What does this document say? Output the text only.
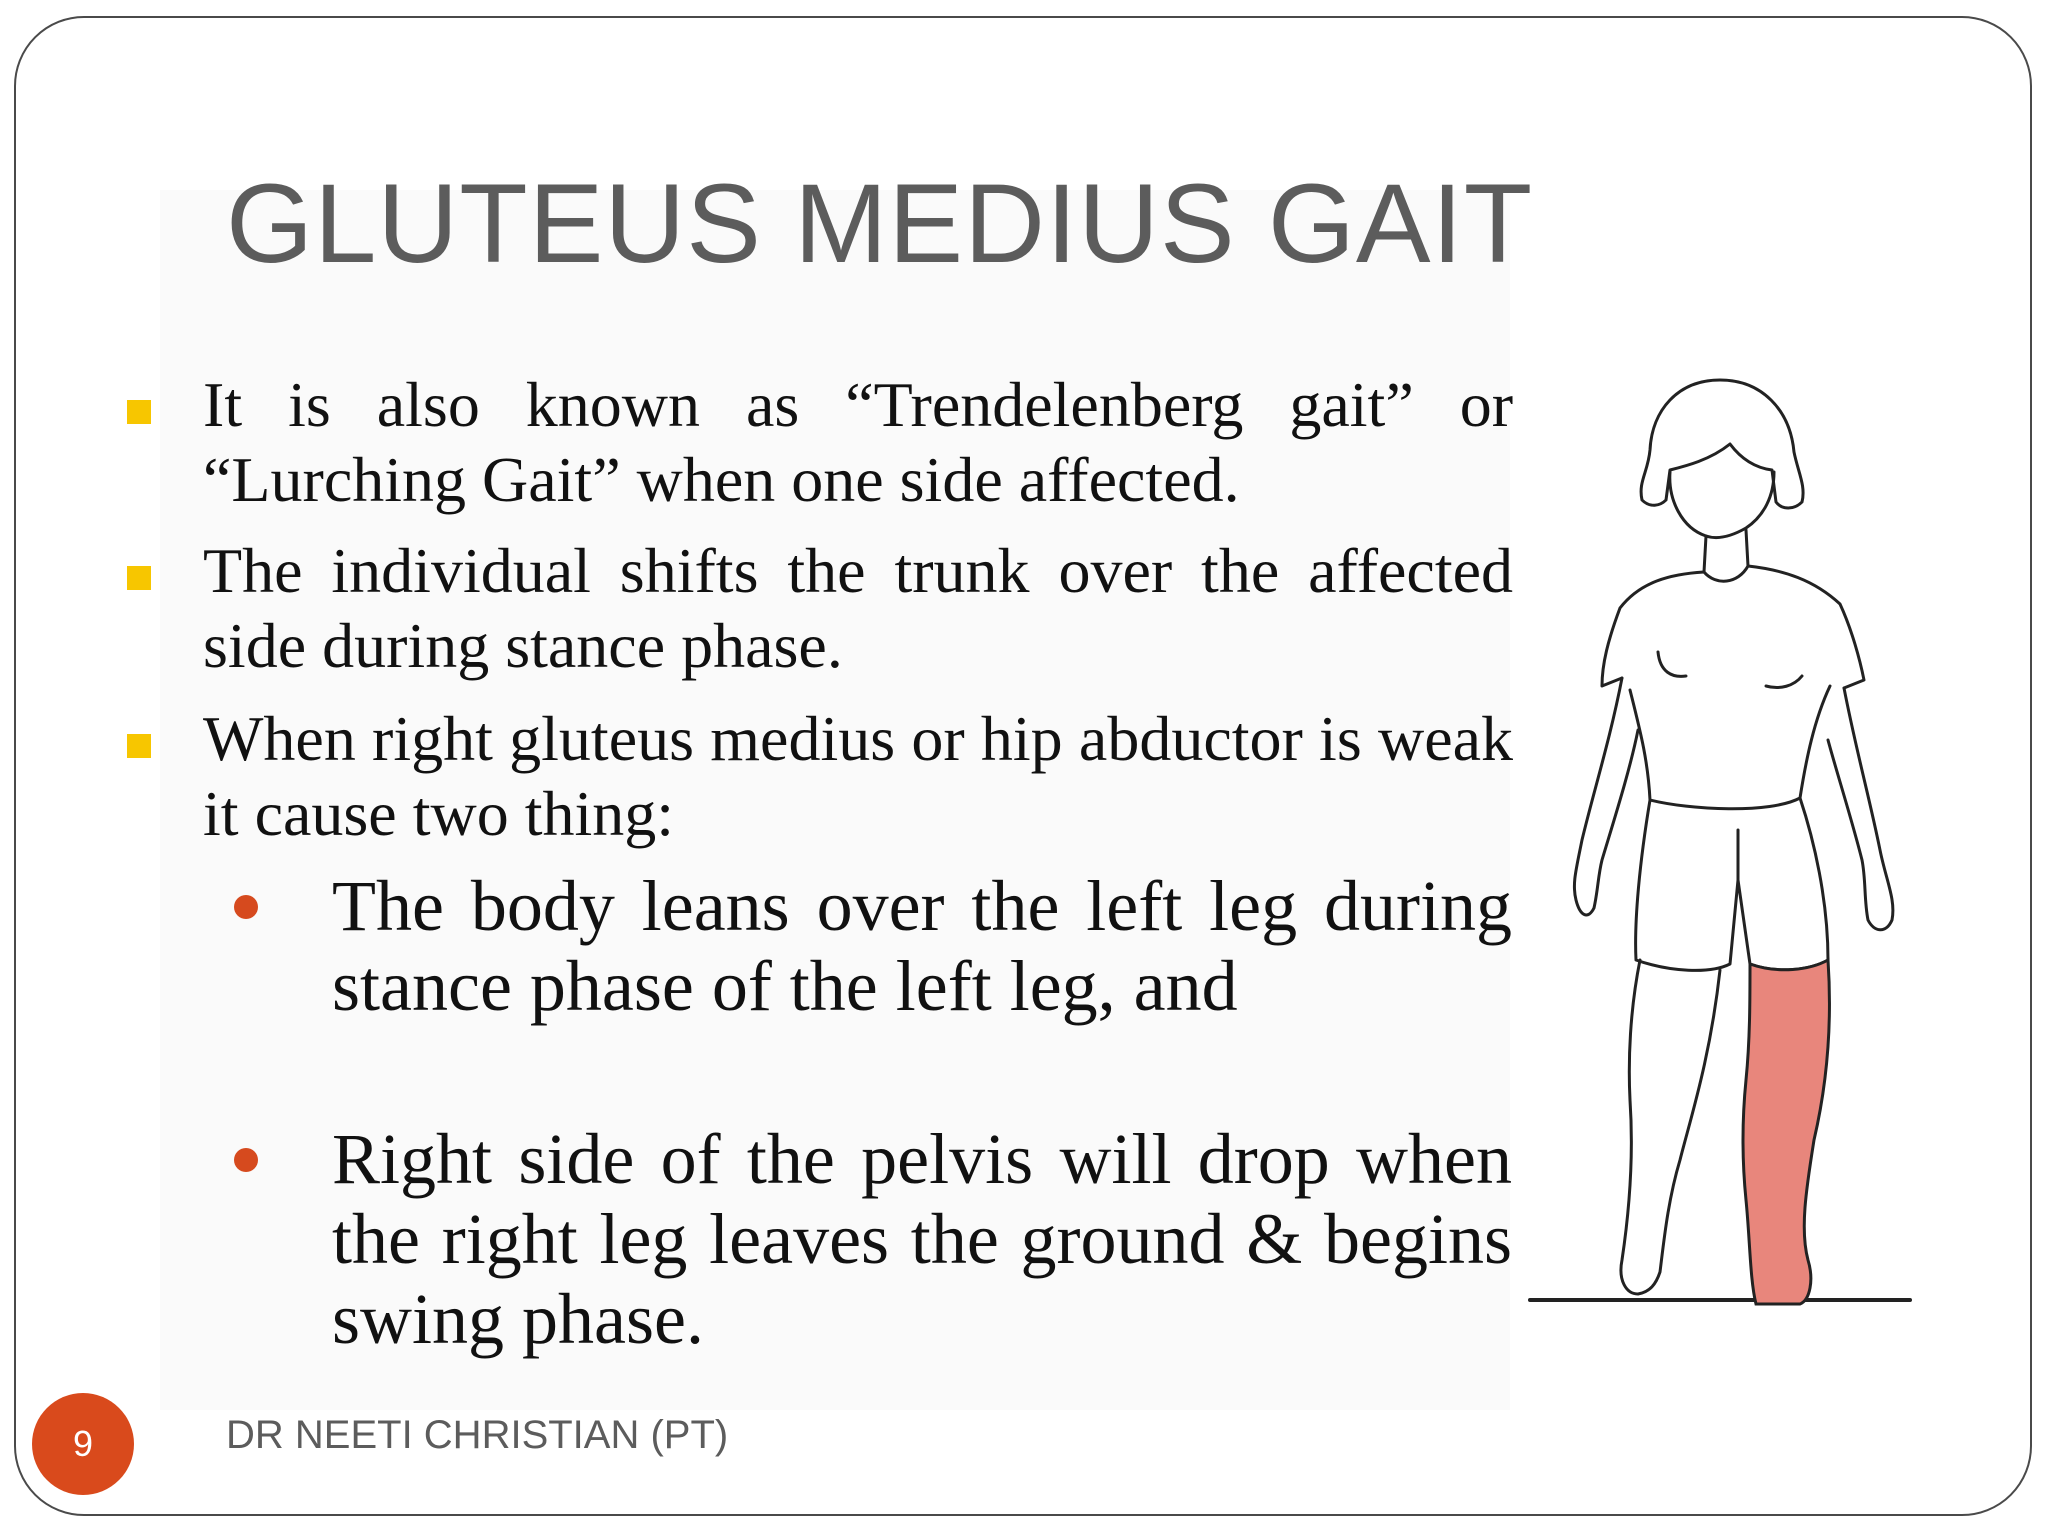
GLUTEUS MEDIUS GAIT
It is also known as “Trendelenberg gait” or “Lurching Gait” when one side affected.
The individual shifts the trunk over the affected side during stance phase.
When right gluteus medius or hip abductor is weak it cause two thing:
The body leans over the left leg during stance phase of the left leg, and
Right side of the pelvis will drop when the right leg leaves the ground & begins swing phase.
9	DR NEETI CHRISTIAN (PT)
